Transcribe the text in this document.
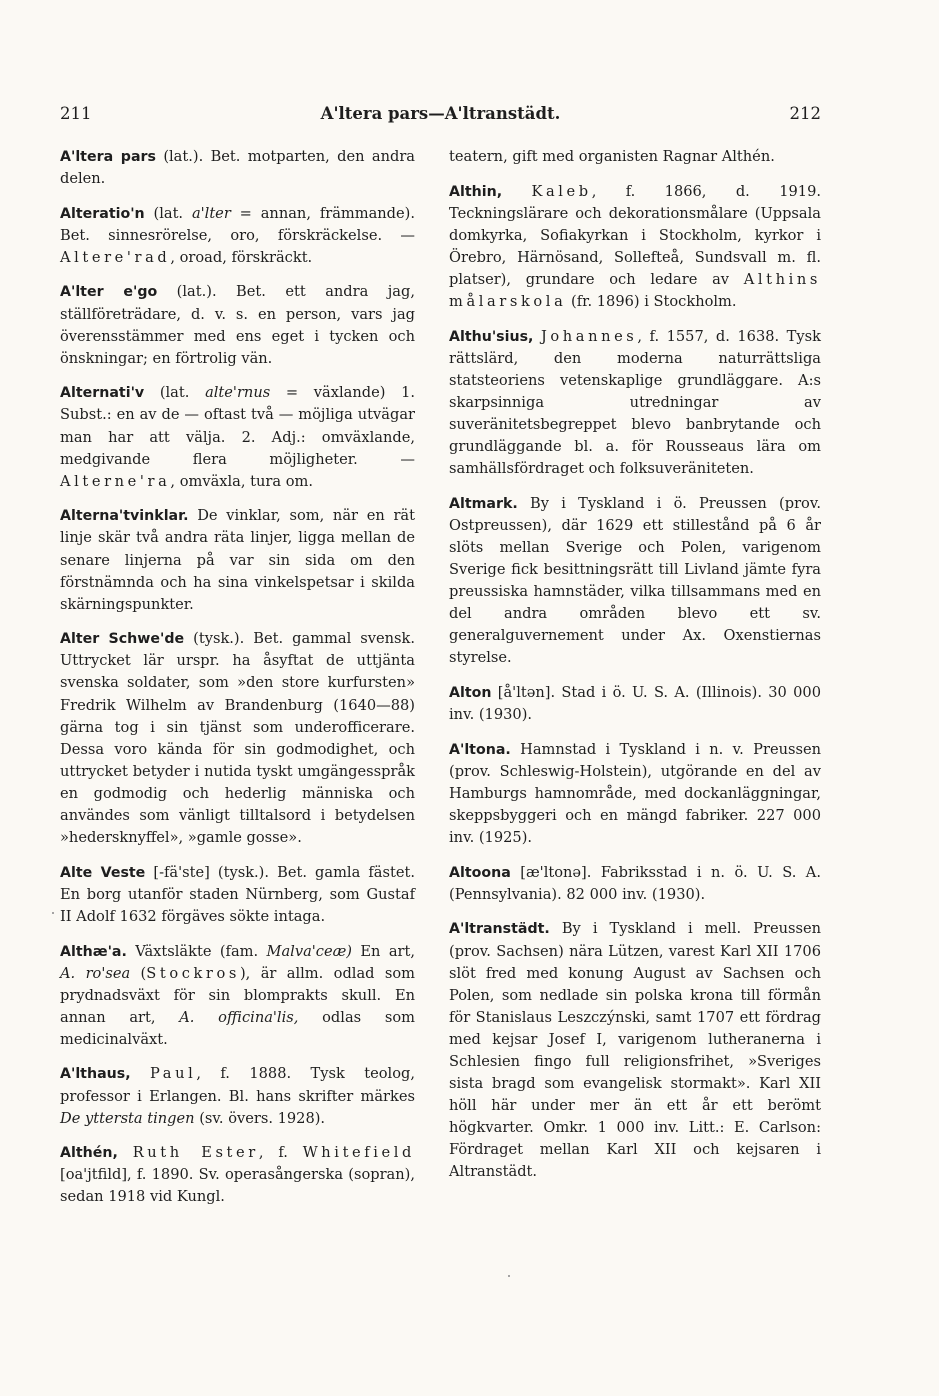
211	A'ltera pars—A'ltranstädt.	212

A'ltera pars (lat.). Bet. motparten, den andra delen.

Alteratio'n (lat. a'lter = annan, främmande). Bet. sinnesrörelse, oro, förskräckelse. — Altere'rad, oroad, förskräckt.

A'lter e'go (lat.). Bet. ett andra jag, ställföreträdare, d. v. s. en person, vars jag överensstämmer med ens eget i tycken och önskningar; en förtrolig vän.

Alternati'v (lat. alte'rnus = växlande) 1. Subst.: en av de — oftast två — möjliga utvägar man har att välja. 2. Adj.: omväxlande, medgivande flera möjligheter. — Alterne'ra, omväxla, tura om.

Alterna'tvinklar. De vinklar, som, när en rät linje skär två andra räta linjer, ligga mellan de senare linjerna på var sin sida om den förstnämnda och ha sina vinkelspetsar i skilda skärningspunkter.

Alter Schwe'de (tysk.). Bet. gammal svensk. Uttrycket lär urspr. ha åsyftat de uttjänta svenska soldater, som »den store kurfursten» Fredrik Wilhelm av Brandenburg (1640—88) gärna tog i sin tjänst som underofficerare. Dessa voro kända för sin godmodighet, och uttrycket betyder i nutida tyskt umgängesspråk en godmodig och hederlig människa och användes som vänligt tilltalsord i betydelsen »hedersknyffel», »gamle gosse».

Alte Veste [-fä'ste] (tysk.). Bet. gamla fästet. En borg utanför staden Nürnberg, som Gustaf II Adolf 1632 förgäves sökte intaga.

Althæ'a. Växtsläkte (fam. Malva'ceæ) En art, A. ro'sea (Stockros), är allm. odlad som prydnadsväxt för sin blomprakts skull. En annan art, A. officina'lis, odlas som medicinalväxt.

A'lthaus, Paul, f. 1888. Tysk teolog, professor i Erlangen. Bl. hans skrifter märkes De yttersta tingen (sv. övers. 1928).

Althén, Ruth Ester, f. Whitefield [oa'jtfild], f. 1890. Sv. operasångerska (sopran), sedan 1918 vid Kungl.

teatern, gift med organisten Ragnar Althén.

Althin, Kaleb, f. 1866, d. 1919. Teckningslärare och dekorationsmålare (Uppsala domkyrka, Sofiakyrkan i Stockholm, kyrkor i Örebro, Härnösand, Sollefteå, Sundsvall m. fl. platser), grundare och ledare av Althins målarskola (fr. 1896) i Stockholm.

Althu'sius, Johannes, f. 1557, d. 1638. Tysk rättslärd, den moderna naturrättsliga statsteoriens vetenskaplige grundläggare. A:s skarpsinniga utredningar av suveränitetsbegreppet blevo banbrytande och grundläggande bl. a. för Rousseaus lära om samhällsfördraget och folksuveräniteten.

Altmark. By i Tyskland i ö. Preussen (prov. Ostpreussen), där 1629 ett stillestånd på 6 år slöts mellan Sverige och Polen, varigenom Sverige fick besittningsrätt till Livland jämte fyra preussiska hamnstäder, vilka tillsammans med en del andra områden blevo ett sv. generalguvernement under Ax. Oxenstiernas styrelse.

Alton [å'ltən]. Stad i ö. U. S. A. (Illinois). 30 000 inv. (1930).

A'ltona. Hamnstad i Tyskland i n. v. Preussen (prov. Schleswig-Holstein), utgörande en del av Hamburgs hamnområde, med dockanläggningar, skeppsbyggeri och en mängd fabriker. 227 000 inv. (1925).

Altoona [æ'ltonə]. Fabriksstad i n. ö. U. S. A. (Pennsylvania). 82 000 inv. (1930).

A'ltranstädt. By i Tyskland i mell. Preussen (prov. Sachsen) nära Lützen, varest Karl XII 1706 slöt fred med konung August av Sachsen och Polen, som nedlade sin polska krona till förmån för Stanislaus Leszczýnski, samt 1707 ett fördrag med kejsar Josef I, varigenom lutheranerna i Schlesien fingo full religionsfrihet, »Sveriges sista bragd som evangelisk stormakt». Karl XII höll här under mer än ett år ett berömt högkvarter. Omkr. 1 000 inv. Litt.: E. Carlson: Fördraget mellan Karl XII och kejsaren i Altranstädt.
